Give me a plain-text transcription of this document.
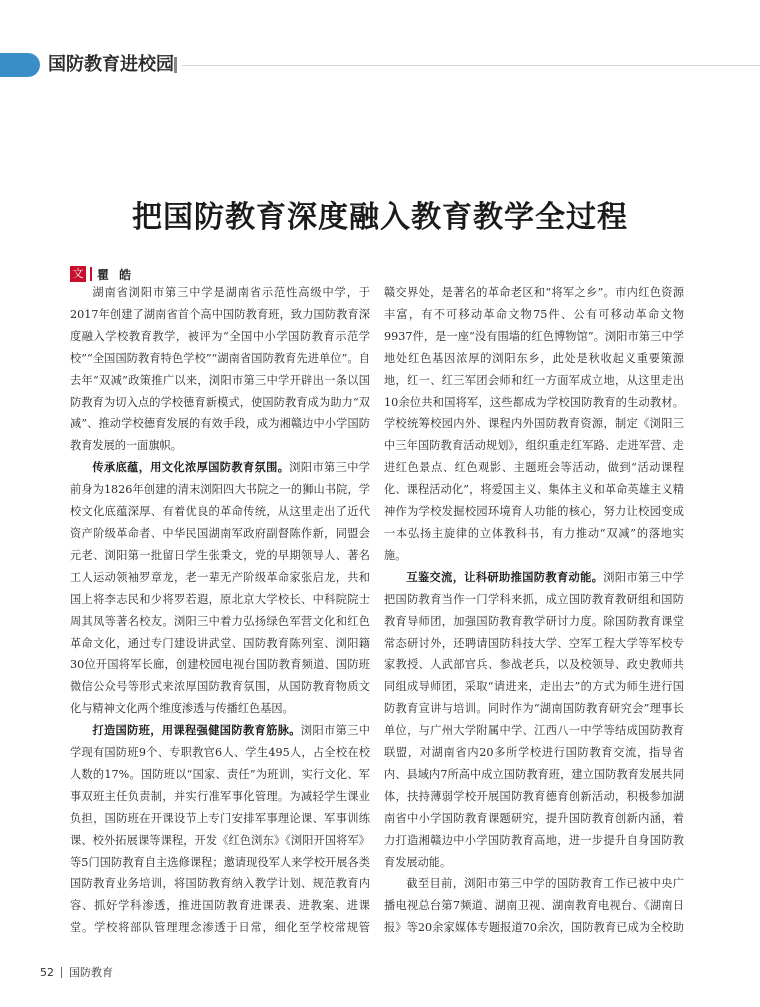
国防教育进校园
把国防教育深度融入教育教学全过程
文 瞿 皓

湖南省浏阳市第三中学是湖南省示范性高级中学，于2017年创建了湖南省首个高中国防教育班，致力国防教育深度融入学校教育教学，被评为“全国中小学国防教育示范学校”“全国国防教育特色学校”“湖南省国防教育先进单位”。自去年“双减”政策推广以来，浏阳市第三中学开辟出一条以国防教育为切入点的学校德育新模式，使国防教育成为助力“双减”、推动学校德育发展的有效手段，成为湘赣边中小学国防教育发展的一面旗帜。

传承底蕴，用文化浓厚国防教育氛围。浏阳市第三中学前身为1826年创建的清末浏阳四大书院之一的狮山书院，学校文化底蕴深厚、有着优良的革命传统，从这里走出了近代资产阶级革命者、中华民国湖南军政府副督陈作新，同盟会元老、浏阳第一批留日学生张秉文，党的早期领导人、著名工人运动领袖罗章龙，老一辈无产阶级革命家张启龙，共和国上将李志民和少将罗若遐，原北京大学校长、中科院院士周其凤等著名校友。浏阳三中着力弘扬绿色军营文化和红色革命文化，通过专门建设讲武堂、国防教育陈列室、浏阳籍30位开国将军长廊，创建校园电视台国防教育频道、国防班微信公众号等形式来浓厚国防教育氛围，从国防教育物质文化与精神文化两个维度渗透与传播红色基因。

打造国防班，用课程强健国防教育筋脉。浏阳市第三中学现有国防班9个、专职教官6人、学生495人，占全校在校人数的17%。国防班以“国家、责任”为班训，实行文化、军事双班主任负责制，并实行准军事化管理。为减轻学生课业负担，国防班在开课设节上专门安排军事理论课、军事训练课、校外拓展课等课程，开发《红色浏东》《浏阳开国将军》等5门国防教育自主选修课程；邀请现役军人来学校开展各类国防教育业务培训，将国防教育纳入教学计划、规范教育内容、抓好学科渗透，推进国防教育进课表、进教案、进课堂。学校将部队管理理念渗透于日常，细化至学校常规管

赣交界处，是著名的革命老区和“将军之乡”。市内红色资源丰富，有不可移动革命文物75件、公有可移动革命文物9937件，是一座“没有围墙的红色博物馆”。浏阳市第三中学地处红色基因浓厚的浏阳东乡，此处是秋收起义重要策源地，红一、红三军团会师和红一方面军成立地，从这里走出10余位共和国将军，这些都成为学校国防教育的生动教材。学校统筹校园内外、课程内外国防教育资源，制定《浏阳三中三年国防教育活动规划》，组织重走红军路、走进军营、走进红色景点、红色观影、主题班会等活动，做到“活动课程化、课程活动化”，将爱国主义、集体主义和革命英雄主义精神作为学校发掘校园环境育人功能的核心，努力让校园变成一本弘扬主旋律的立体教科书，有力推动“双减”的落地实施。

互鉴交流，让科研助推国防教育动能。浏阳市第三中学把国防教育当作一门学科来抓，成立国防教育教研组和国防教育导师团，加强国防教育教学研讨力度。除国防教育课堂常态研讨外，还聘请国防科技大学、空军工程大学等军校专家教授、人武部官兵、参战老兵，以及校领导、政史教师共同组成导师团，采取“请进来，走出去”的方式为师生进行国防教育宣讲与培训。同时作为“湖南国防教育研究会”理事长单位，与广州大学附属中学、江西八一中学等结成国防教育联盟，对湖南省内20多所学校进行国防教育交流，指导省内、县域内7所高中成立国防教育班，建立国防教育发展共同体，扶持薄弱学校开展国防教育德育创新活动，积极参加湖南省中小学国防教育课题研究，提升国防教育创新内涵，着力打造湘赣边中小学国防教育高地，进一步提升自身国防教育发展动能。

截至目前，浏阳市第三中学的国防教育工作已被中央广播电视总台第7频道、湖南卫视、湖南教育电视台、《湖南日报》等20余家媒体专题报道70余次，国防教育已成为全校助

52 国防教育
